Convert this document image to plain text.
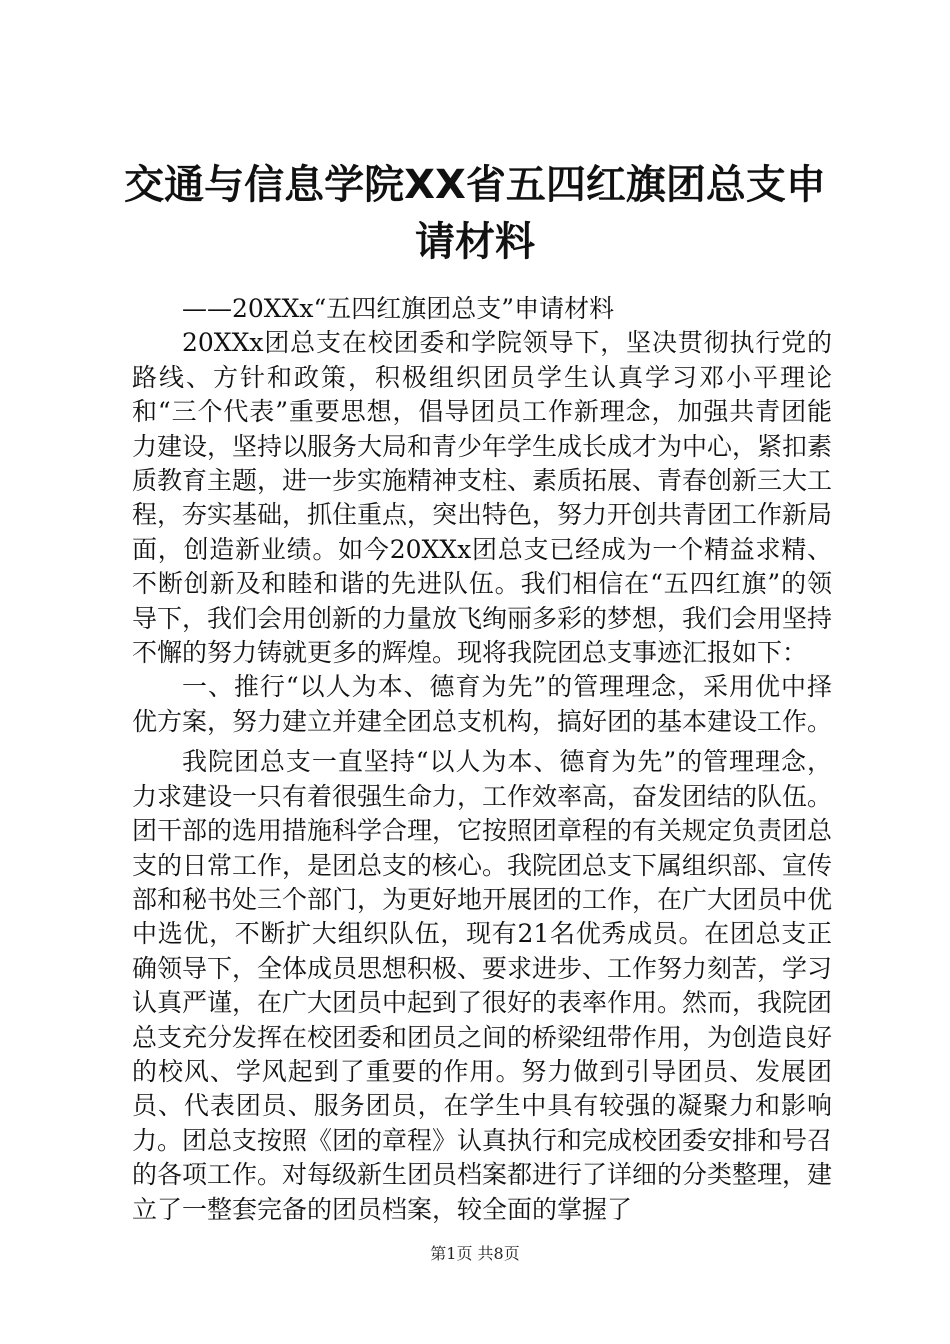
交通与信息学院XX省五四红旗团总支申请材料

——20XXx“五四红旗团总支”申请材料

20XXx团总支在校团委和学院领导下，坚决贯彻执行党的路线、方针和政策，积极组织团员学生认真学习邓小平理论和“三个代表”重要思想，倡导团员工作新理念，加强共青团能力建设，坚持以服务大局和青少年学生成长成才为中心，紧扣素质教育主题，进一步实施精神支柱、素质拓展、青春创新三大工程，夯实基础，抓住重点，突出特色，努力开创共青团工作新局面，创造新业绩。如今20XXx团总支已经成为一个精益求精、不断创新及和睦和谐的先进队伍。我们相信在“五四红旗”的领导下，我们会用创新的力量放飞绚丽多彩的梦想，我们会用坚持不懈的努力铸就更多的辉煌。现将我院团总支事迹汇报如下：

一、推行“以人为本、德育为先”的管理理念，采用优中择优方案，努力建立并建全团总支机构，搞好团的基本建设工作。

我院团总支一直坚持“以人为本、德育为先”的管理理念，力求建设一只有着很强生命力，工作效率高，奋发团结的队伍。团干部的选用措施科学合理，它按照团章程的有关规定负责团总支的日常工作，是团总支的核心。我院团总支下属组织部、宣传部和秘书处三个部门，为更好地开展团的工作，在广大团员中优中选优，不断扩大组织队伍，现有21名优秀成员。在团总支正确领导下，全体成员思想积极、要求进步、工作努力刻苦，学习认真严谨，在广大团员中起到了很好的表率作用。然而，我院团总支充分发挥在校团委和团员之间的桥梁纽带作用，为创造良好的校风、学风起到了重要的作用。努力做到引导团员、发展团员、代表团员、服务团员，在学生中具有较强的凝聚力和影响力。团总支按照《团的章程》认真执行和完成校团委安排和号召的各项工作。对每级新生团员档案都进行了详细的分类整理，建立了一整套完备的团员档案，较全面的掌握了

第1页 共8页
